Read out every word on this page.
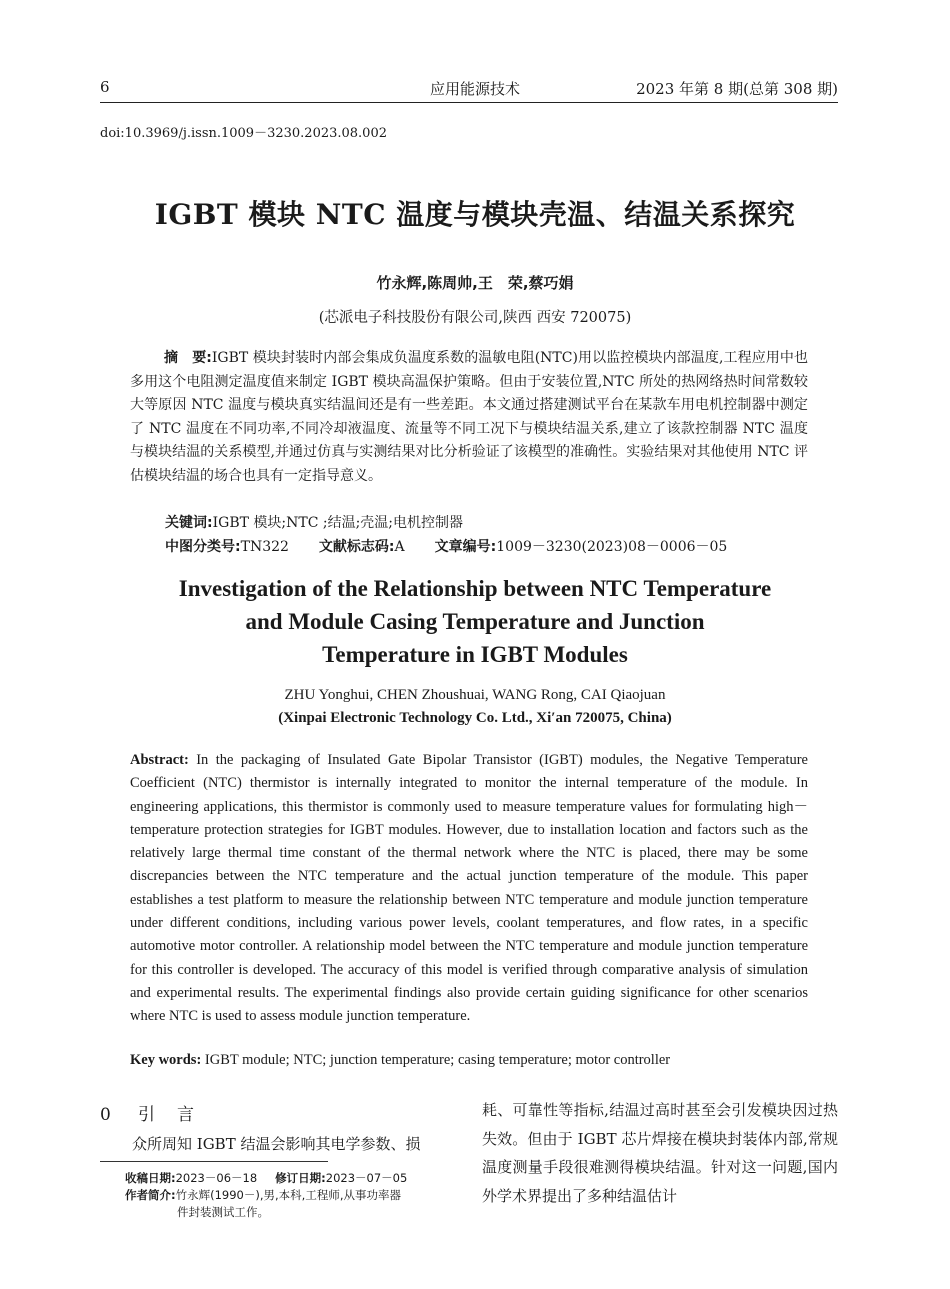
6	应用能源技术	2023 年第 8 期(总第 308 期)
doi:10.3969/j.issn.1009－3230.2023.08.002
IGBT 模块 NTC 温度与模块壳温、结温关系探究
竹永辉,陈周帅,王　荣,蔡巧娟
(芯派电子科技股份有限公司,陕西 西安 720075)
摘　要:IGBT 模块封装时内部会集成负温度系数的温敏电阻(NTC)用以监控模块内部温度,工程应用中也多用这个电阻测定温度值来制定 IGBT 模块高温保护策略。但由于安装位置,NTC 所处的热网络热时间常数较大等原因 NTC 温度与模块真实结温间还是有一些差距。本文通过搭建测试平台在某款车用电机控制器中测定了 NTC 温度在不同功率,不同冷却液温度、流量等不同工况下与模块结温关系,建立了该款控制器 NTC 温度与模块结温的关系模型,并通过仿真与实测结果对比分析验证了该模型的准确性。实验结果对其他使用 NTC 评估模块结温的场合也具有一定指导意义。
关键词:IGBT 模块;NTC ;结温;壳温;电机控制器
中图分类号:TN322 文献标志码:A 文章编号:1009－3230(2023)08－0006－05
Investigation of the Relationship between NTC Temperature
and Module Casing Temperature and Junction
Temperature in IGBT Modules
ZHU Yonghui, CHEN Zhoushuai, WANG Rong, CAI Qiaojuan
(Xinpai Electronic Technology Co. Ltd., Xi′an 720075, China)
Abstract: In the packaging of Insulated Gate Bipolar Transistor (IGBT) modules, the Negative Temperature Coefficient (NTC) thermistor is internally integrated to monitor the internal temperature of the module. In engineering applications, this thermistor is commonly used to measure temperature values for formulating high－temperature protection strategies for IGBT modules. However, due to installation location and factors such as the relatively large thermal time constant of the thermal network where the NTC is placed, there may be some discrepancies between the NTC temperature and the actual junction temperature of the module. This paper establishes a test platform to measure the relationship between NTC temperature and module junction temperature under different conditions, including various power levels, coolant temperatures, and flow rates, in a specific automotive motor controller. A relationship model between the NTC temperature and module junction temperature for this controller is developed. The accuracy of this model is verified through comparative analysis of simulation and experimental results. The experimental findings also provide certain guiding significance for other scenarios where NTC is used to assess module junction temperature.
Key words: IGBT module; NTC; junction temperature; casing temperature; motor controller
0 引言
众所周知 IGBT 结温会影响其电学参数、损
耗、可靠性等指标,结温过高时甚至会引发模块因过热失效。但由于 IGBT 芯片焊接在模块封装体内部,常规温度测量手段很难测得模块结温。针对这一问题,国内外学术界提出了多种结温估计
收稿日期:2023－06－18 修订日期:2023－07－05
作者简介:竹永辉(1990－),男,本科,工程师,从事功率器
件封装测试工作。
